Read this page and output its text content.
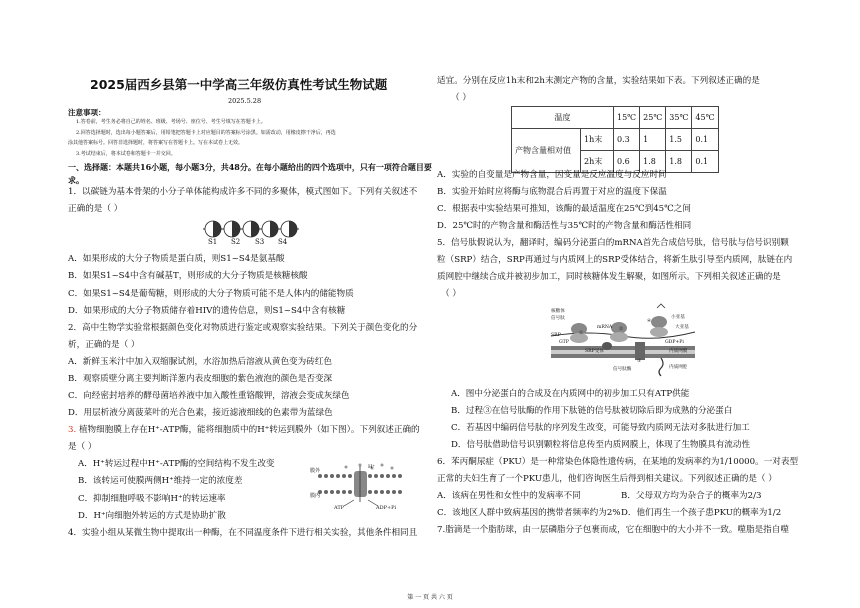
2025届西乡县第一中学高三年级仿真性考试生物试题
2025.5.28
注意事项：
1.答卷前，考生务必将自己的姓名、班级、考场号、座位号、考生号填写在答题卡上。
2.回答选择题时，选出每小题答案后，用铅笔把答题卡上对应题目的答案标号涂黑。如需改动，用橡皮擦干净后，再选
涂其他答案标号。回答非选择题时，将答案写在答题卡上。写在本试卷上无效。
3.考试结束后，将本试卷和答题卡一并交回。
一、选择题：本题共16小题，每小题3分，共48分。在每小题给出的四个选项中，只有一项符合题目要
求。
1．以碳链为基本骨架的小分子单体能构成许多不同的多聚体，模式图如下。下列有关叙述不
正确的是（ ）
S1 S2 S3 S4
A．如果形成的大分子物质是蛋白质，则S1~S4是氨基酸
B．如果S1~S4中含有碱基T，则形成的大分子物质是核糖核酸
C．如果S1~S4是葡萄糖，则形成的大分子物质可能不是人体内的储能物质
D．如果形成的大分子物质储存着HIV的遗传信息，则S1~S4中含有核糖
2．高中生物学实验常根据颜色变化对物质进行鉴定或观察实验结果。下列关于颜色变化的分
析，正确的是（ ）
A．新鲜玉米汁中加入双缩脲试剂，水浴加热后溶液从黄色变为砖红色
B．观察质壁分离主要判断洋葱内表皮细胞的紫色液泡的颜色是否变深
C．向经密封培养的酵母菌培养液中加入酸性重铬酸钾，溶液会变成灰绿色
D．用层析液分离菠菜叶的光合色素，接近滤液细线的色素带为蓝绿色
3. 植物细胞膜上存在H⁺-ATP酶，能将细胞质中的H⁺转运到膜外（如下图）。下列叙述正确的
是（ ）
A．H⁺转运过程中H⁺-ATP酶的空间结构不发生改变
B．该转运可使膜两侧H⁺维持一定的浓度差
C．抑制细胞呼吸不影响H⁺的转运速率
D．H⁺向细胞外转运的方式是协助扩散
膜外
膜内
H⁺
ATP	ADP+Pi
4．实验小组从某微生物中提取出一种酶，在不同温度条件下进行相关实验，其他条件相同且
适宜。分别在反应1h末和2h末测定产物的含量，实验结果如下表。下列叙述正确的是
（ ）
温度		15℃	25℃	35℃	45℃
产物含量相对值	1h末	0.3	1	1.5	0.1
	2h末	0.6	1.8	1.8	0.1
A．实验的自变量是产物含量，因变量是反应温度与反应时间
B．实验开始时应将酶与底物混合后再置于对应的温度下保温
C．根据表中实验结果可推知，该酶的最适温度在25℃到45℃之间
D．25℃时的产物含量和酶活性与35℃时的产物含量和酶活性相同
5．信号肽假说认为，翻译时，编码分泌蛋白的mRNA首先合成信号肽，信号肽与信号识别颗
粒（SRP）结合，SRP再通过与内质网上的SRP受体结合，将新生肽引导至内质网，肽链在内
质网腔中继续合成并被初步加工，同时核糖体发生解聚，如图所示。下列相关叙述正确的是
（ ）
核糖体
信号肽
mRNA
SRP
SRP受体
GTP	GDP+Pi
内质网膜
内质网腔
小亚基
大亚基
信号肽酶
①
②
③
④
A．图中分泌蛋白的合成及在内质网中的初步加工只有ATP供能
B．过程③在信号肽酶的作用下肽链的信号肽被切除后即为成熟的分泌蛋白
C．若基因中编码信号肽的序列发生改变，可能导致内质网无法对多肽进行加工
D．信号肽借助信号识别颗粒将信息传至内质网膜上，体现了生物膜具有流动性
6．苯丙酮尿症（PKU）是一种常染色体隐性遗传病，在某地的发病率约为1/10000。一对表型
正常的夫妇生育了一个PKU患儿，他们咨询医生后得到相关建议。下列叙述正确的是（ ）
A．该病在男性和女性中的发病率不同	B．父母双方均为杂合子的概率为2/3
C．该地区人群中致病基因的携带者频率约为2% D．他们再生一个孩子患PKU的概率为1/2
7.脂滴是一个脂肪球，由一层磷脂分子包裹而成，它在细胞中的大小并不一致。噬脂是指自噬
第 一 页 共 六 页
